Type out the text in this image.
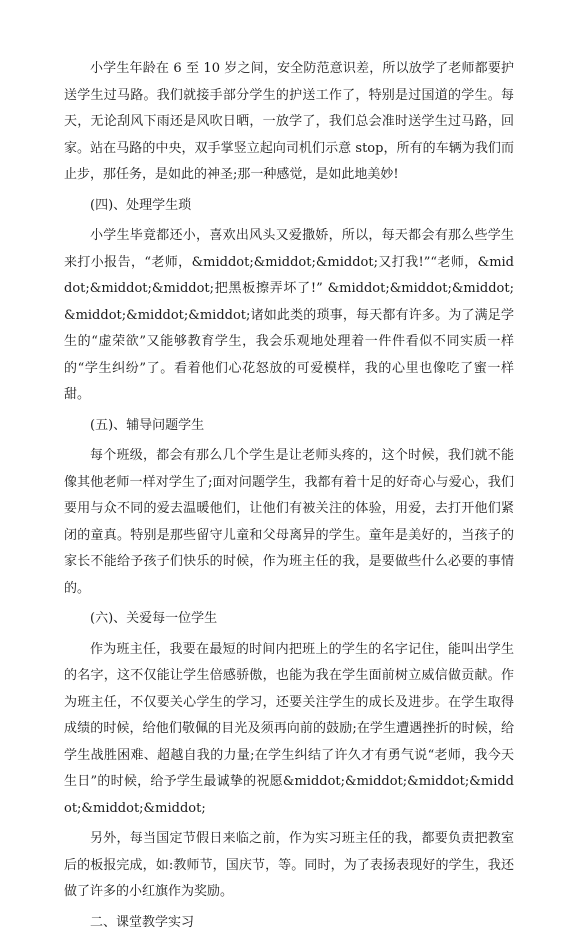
小学生年龄在 6 至 10 岁之间，安全防范意识差，所以放学了老师都要护送学生过马路。我们就接手部分学生的护送工作了，特别是过国道的学生。每天，无论刮风下雨还是风吹日晒，一放学了，我们总会准时送学生过马路，回家。站在马路的中央，双手掌竖立起向司机们示意 stop，所有的车辆为我们而止步，那任务，是如此的神圣;那一种感觉，是如此地美妙!

(四)、处理学生琐

小学生毕竟都还小，喜欢出风头又爱撒娇，所以，每天都会有那么些学生来打小报告，“老师，&middot;&middot;&middot;又打我!”“老师，&middot;&middot;&middot;把黑板擦弄坏了!” &middot;&middot;&middot;&middot;&middot;&middot;诸如此类的琐事，每天都有许多。为了满足学生的“虚荣欲”又能够教育学生，我会乐观地处理着一件件看似不同实质一样的“学生纠纷”了。看着他们心花怒放的可爱模样，我的心里也像吃了蜜一样甜。

(五)、辅导问题学生

每个班级，都会有那么几个学生是让老师头疼的，这个时候，我们就不能像其他老师一样对学生了;面对问题学生，我都有着十足的好奇心与爱心，我们要用与众不同的爱去温暖他们，让他们有被关注的体验，用爱，去打开他们紧闭的童真。特别是那些留守儿童和父母离异的学生。童年是美好的，当孩子的家长不能给予孩子们快乐的时候，作为班主任的我，是要做些什么必要的事情的。

(六)、关爱每一位学生

作为班主任，我要在最短的时间内把班上的学生的名字记住，能叫出学生的名字，这不仅能让学生倍感骄傲，也能为我在学生面前树立威信做贡献。作为班主任，不仅要关心学生的学习，还要关注学生的成长及进步。在学生取得成绩的时候，给他们敬佩的目光及须再向前的鼓励;在学生遭遇挫折的时候，给学生战胜困难、超越自我的力量;在学生纠结了许久才有勇气说“老师，我今天生日”的时候，给予学生最诚挚的祝愿&middot;&middot;&middot;&middot;&middot;&middot;

另外，每当国定节假日来临之前，作为实习班主任的我，都要负责把教室后的板报完成，如:教师节，国庆节，等。同时，为了表扬表现好的学生，我还做了许多的小红旗作为奖励。

二、课堂教学实习
